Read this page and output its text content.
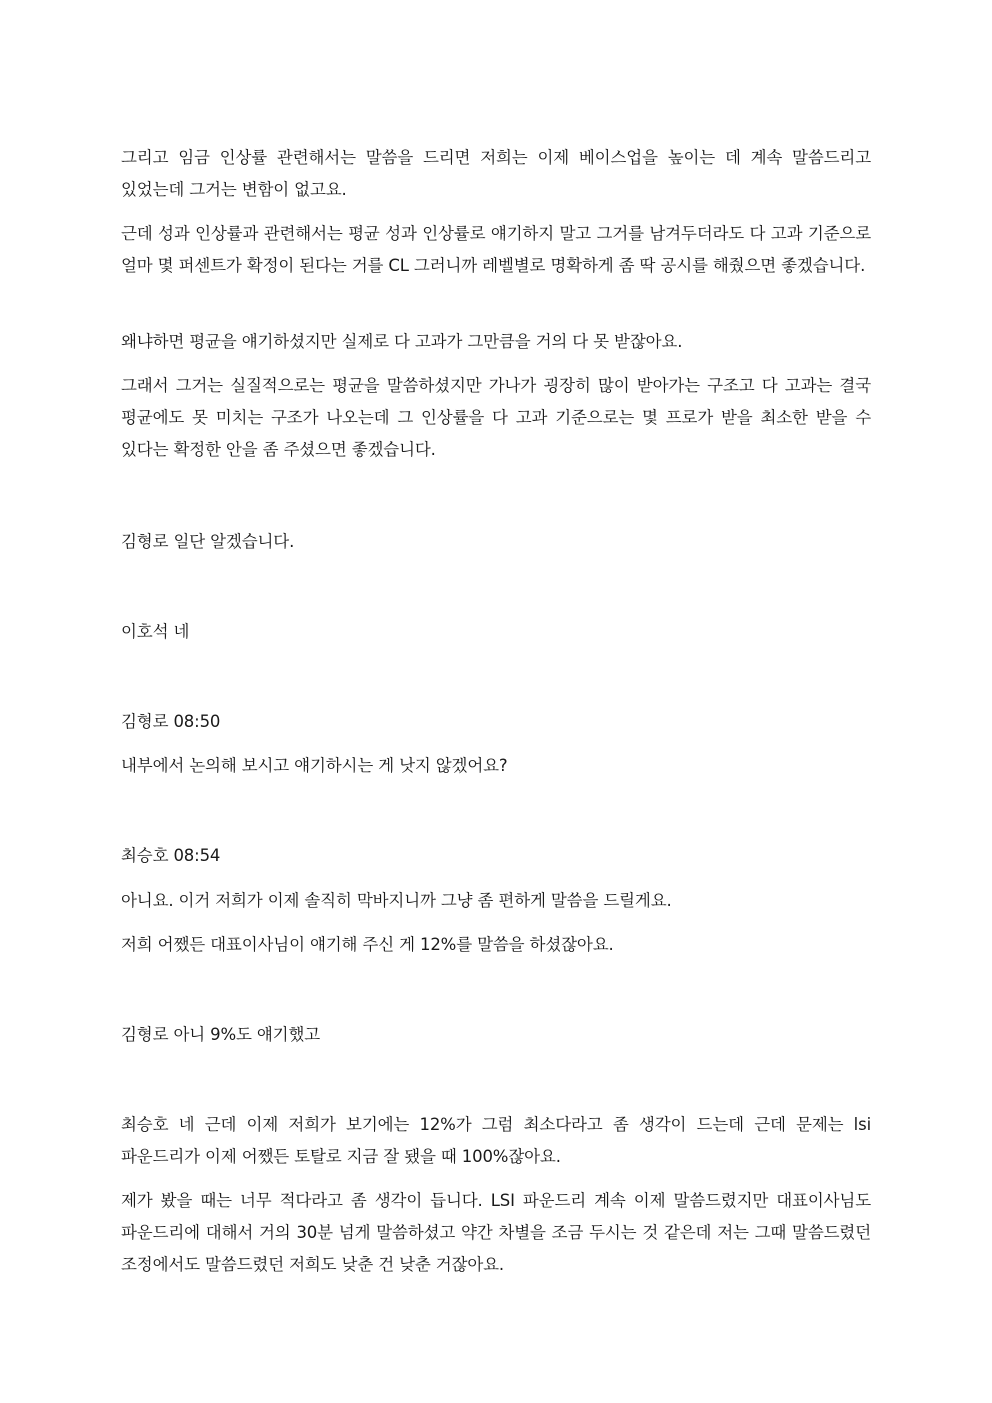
그리고 임금 인상률 관련해서는 말씀을 드리면 저희는 이제 베이스업을 높이는 데 계속 말씀드리고 있었는데 그거는 변함이 없고요.

근데 성과 인상률과 관련해서는 평균 성과 인상률로 얘기하지 말고 그거를 남겨두더라도 다 고과 기준으로 얼마 몇 퍼센트가 확정이 된다는 거를 CL 그러니까 레벨별로 명확하게 좀 딱 공시를 해줬으면 좋겠습니다.

왜냐하면 평균을 얘기하셨지만 실제로 다 고과가 그만큼을 거의 다 못 받잖아요.

그래서 그거는 실질적으로는 평균을 말씀하셨지만 가나가 굉장히 많이 받아가는 구조고 다 고과는 결국 평균에도 못 미치는 구조가 나오는데 그 인상률을 다 고과 기준으로는 몇 프로가 받을 최소한 받을 수 있다는 확정한 안을 좀 주셨으면 좋겠습니다.

김형로 일단 알겠습니다.

이호석 네

김형로 08:50

내부에서 논의해 보시고 얘기하시는 게 낫지 않겠어요?

최승호 08:54

아니요. 이거 저희가 이제 솔직히 막바지니까 그냥 좀 편하게 말씀을 드릴게요.

저희 어쨌든 대표이사님이 얘기해 주신 게 12%를 말씀을 하셨잖아요.

김형로 아니 9%도 얘기했고

최승호 네 근데 이제 저희가 보기에는 12%가 그럼 최소다라고 좀 생각이 드는데 근데 문제는 lsi 파운드리가 이제 어쨌든 토탈로 지금 잘 됐을 때 100%잖아요.

제가 봤을 때는 너무 적다라고 좀 생각이 듭니다. LSI 파운드리 계속 이제 말씀드렸지만 대표이사님도 파운드리에 대해서 거의 30분 넘게 말씀하셨고 약간 차별을 조금 두시는 것 같은데 저는 그때 말씀드렸던 조정에서도 말씀드렸던 저희도 낮춘 건 낮춘 거잖아요.
